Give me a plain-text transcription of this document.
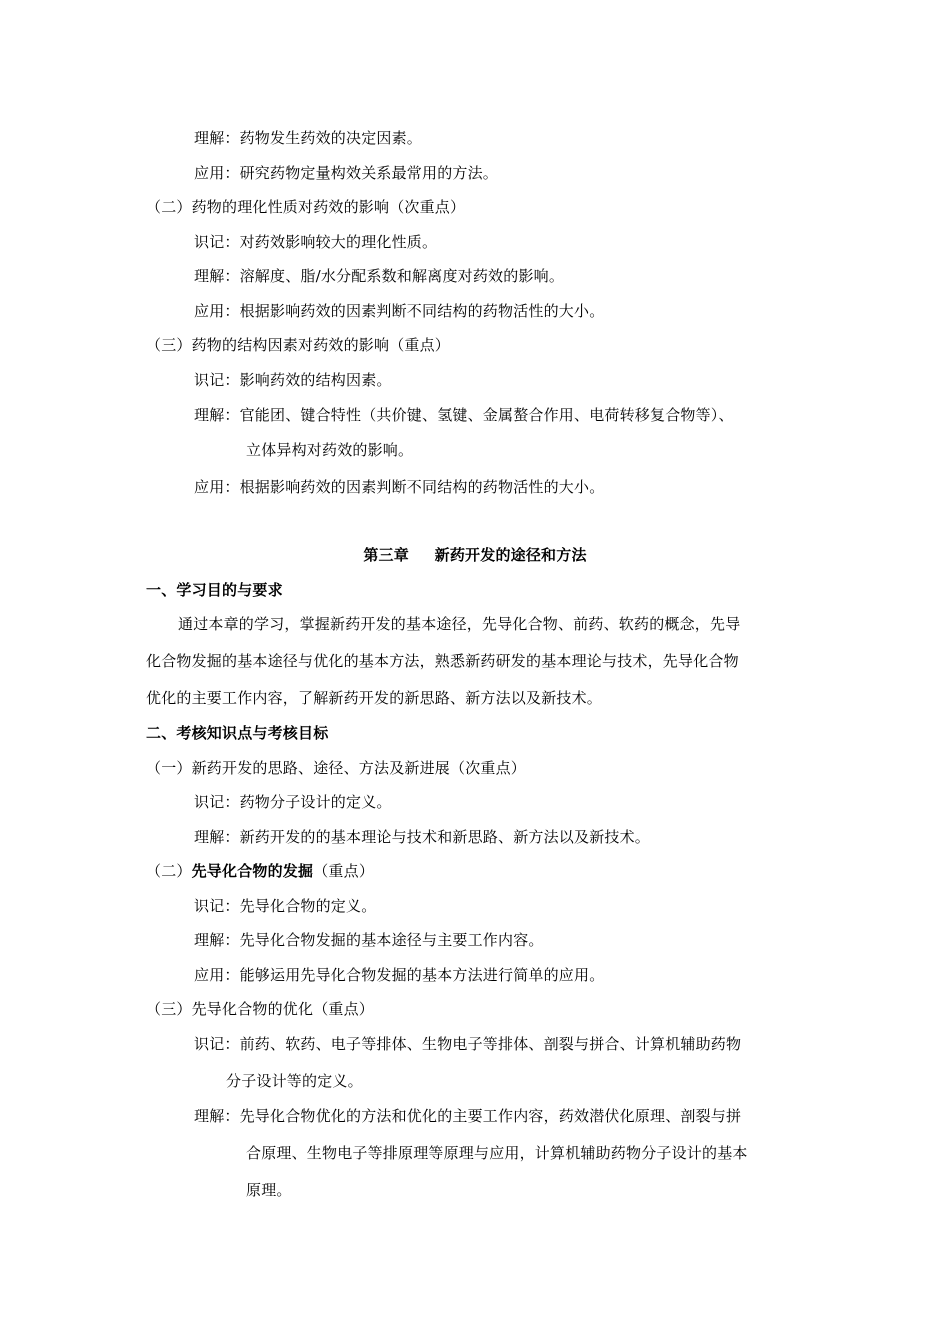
理解：药物发生药效的决定因素。
应用：研究药物定量构效关系最常用的方法。
（二）药物的理化性质对药效的影响（次重点）
识记：对药效影响较大的理化性质。
理解：溶解度、脂/水分配系数和解离度对药效的影响。
应用：根据影响药效的因素判断不同结构的药物活性的大小。
（三）药物的结构因素对药效的影响（重点）
识记：影响药效的结构因素。
理解：官能团、键合特性（共价键、氢键、金属螯合作用、电荷转移复合物等）、
立体异构对药效的影响。
应用：根据影响药效的因素判断不同结构的药物活性的大小。
第三章 新药开发的途径和方法
一、学习目的与要求
通过本章的学习，掌握新药开发的基本途径，先导化合物、前药、软药的概念，先导
化合物发掘的基本途径与优化的基本方法，熟悉新药研发的基本理论与技术，先导化合物
优化的主要工作内容，了解新药开发的新思路、新方法以及新技术。
二、考核知识点与考核目标
（一）新药开发的思路、途径、方法及新进展（次重点）
识记：药物分子设计的定义。
理解：新药开发的的基本理论与技术和新思路、新方法以及新技术。
（二）先导化合物的发掘（重点）
识记：先导化合物的定义。
理解：先导化合物发掘的基本途径与主要工作内容。
应用：能够运用先导化合物发掘的基本方法进行简单的应用。
（三）先导化合物的优化（重点）
识记：前药、软药、电子等排体、生物电子等排体、剖裂与拼合、计算机辅助药物
分子设计等的定义。
理解：先导化合物优化的方法和优化的主要工作内容，药效潜伏化原理、剖裂与拼
合原理、生物电子等排原理等原理与应用，计算机辅助药物分子设计的基本
原理。
